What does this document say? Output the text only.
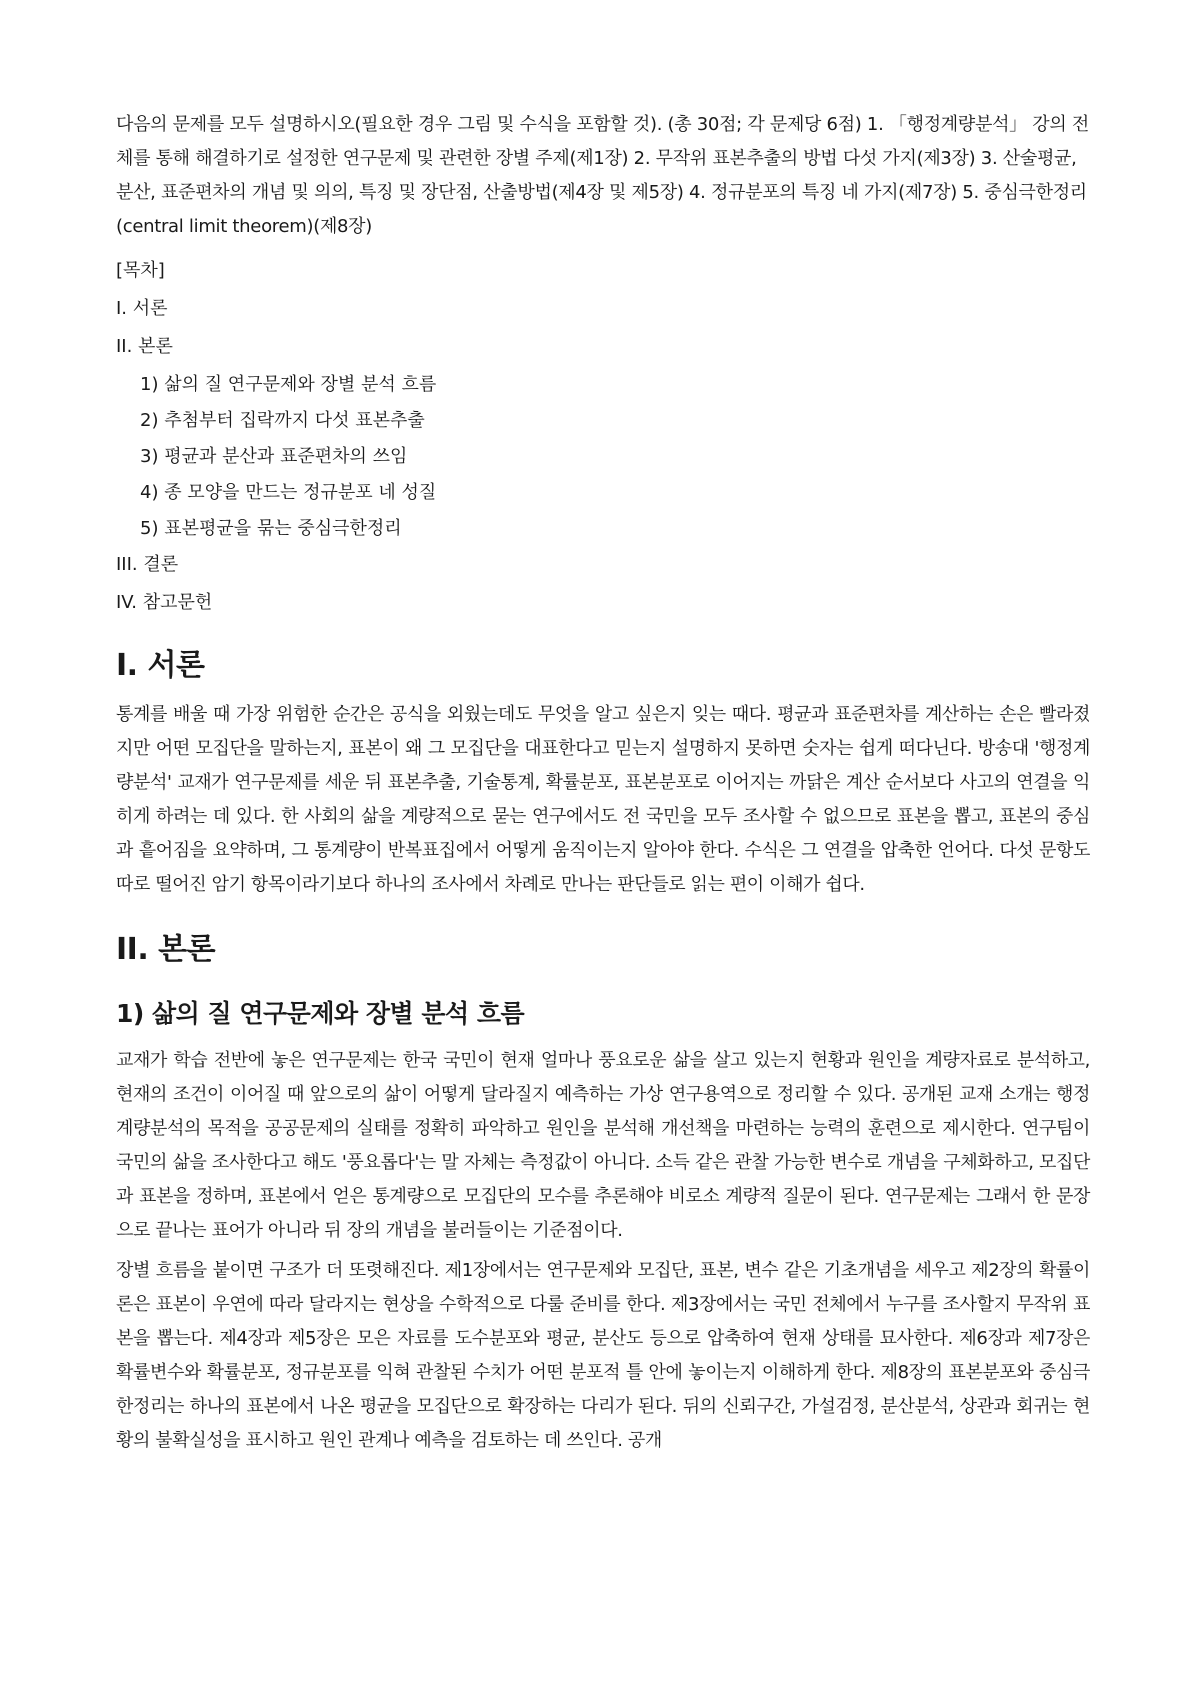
다음의 문제를 모두 설명하시오(필요한 경우 그림 및 수식을 포함할 것). (총 30점; 각 문제당 6점) 1. 「행정계량분석」 강의 전체를 통해 해결하기로 설정한 연구문제 및 관련한 장별 주제(제1장) 2. 무작위 표본추출의 방법 다섯 가지(제3장) 3. 산술평균, 분산, 표준편차의 개념 및 의의, 특징 및 장단점, 산출방법(제4장 및 제5장) 4. 정규분포의 특징 네 가지(제7장) 5. 중심극한정리(central limit theorem)(제8장)

[목차]
I. 서론
II. 본론
1) 삶의 질 연구문제와 장별 분석 흐름
2) 추첨부터 집락까지 다섯 표본추출
3) 평균과 분산과 표준편차의 쓰임
4) 종 모양을 만드는 정규분포 네 성질
5) 표본평균을 묶는 중심극한정리
III. 결론
IV. 참고문헌
I. 서론

통계를 배울 때 가장 위험한 순간은 공식을 외웠는데도 무엇을 알고 싶은지 잊는 때다. 평균과 표준편차를 계산하는 손은 빨라졌지만 어떤 모집단을 말하는지, 표본이 왜 그 모집단을 대표한다고 믿는지 설명하지 못하면 숫자는 쉽게 떠다닌다. 방송대 '행정계량분석' 교재가 연구문제를 세운 뒤 표본추출, 기술통계, 확률분포, 표본분포로 이어지는 까닭은 계산 순서보다 사고의 연결을 익히게 하려는 데 있다. 한 사회의 삶을 계량적으로 묻는 연구에서도 전 국민을 모두 조사할 수 없으므로 표본을 뽑고, 표본의 중심과 흩어짐을 요약하며, 그 통계량이 반복표집에서 어떻게 움직이는지 알아야 한다. 수식은 그 연결을 압축한 언어다. 다섯 문항도 따로 떨어진 암기 항목이라기보다 하나의 조사에서 차례로 만나는 판단들로 읽는 편이 이해가 쉽다.

II. 본론
1) 삶의 질 연구문제와 장별 분석 흐름

교재가 학습 전반에 놓은 연구문제는 한국 국민이 현재 얼마나 풍요로운 삶을 살고 있는지 현황과 원인을 계량자료로 분석하고, 현재의 조건이 이어질 때 앞으로의 삶이 어떻게 달라질지 예측하는 가상 연구용역으로 정리할 수 있다. 공개된 교재 소개는 행정계량분석의 목적을 공공문제의 실태를 정확히 파악하고 원인을 분석해 개선책을 마련하는 능력의 훈련으로 제시한다. 연구팀이 국민의 삶을 조사한다고 해도 '풍요롭다'는 말 자체는 측정값이 아니다. 소득 같은 관찰 가능한 변수로 개념을 구체화하고, 모집단과 표본을 정하며, 표본에서 얻은 통계량으로 모집단의 모수를 추론해야 비로소 계량적 질문이 된다. 연구문제는 그래서 한 문장으로 끝나는 표어가 아니라 뒤 장의 개념을 불러들이는 기준점이다.

장별 흐름을 붙이면 구조가 더 또렷해진다. 제1장에서는 연구문제와 모집단, 표본, 변수 같은 기초개념을 세우고 제2장의 확률이론은 표본이 우연에 따라 달라지는 현상을 수학적으로 다룰 준비를 한다. 제3장에서는 국민 전체에서 누구를 조사할지 무작위 표본을 뽑는다. 제4장과 제5장은 모은 자료를 도수분포와 평균, 분산도 등으로 압축하여 현재 상태를 묘사한다. 제6장과 제7장은 확률변수와 확률분포, 정규분포를 익혀 관찰된 수치가 어떤 분포적 틀 안에 놓이는지 이해하게 한다. 제8장의 표본분포와 중심극한정리는 하나의 표본에서 나온 평균을 모집단으로 확장하는 다리가 된다. 뒤의 신뢰구간, 가설검정, 분산분석, 상관과 회귀는 현황의 불확실성을 표시하고 원인 관계나 예측을 검토하는 데 쓰인다. 공개
